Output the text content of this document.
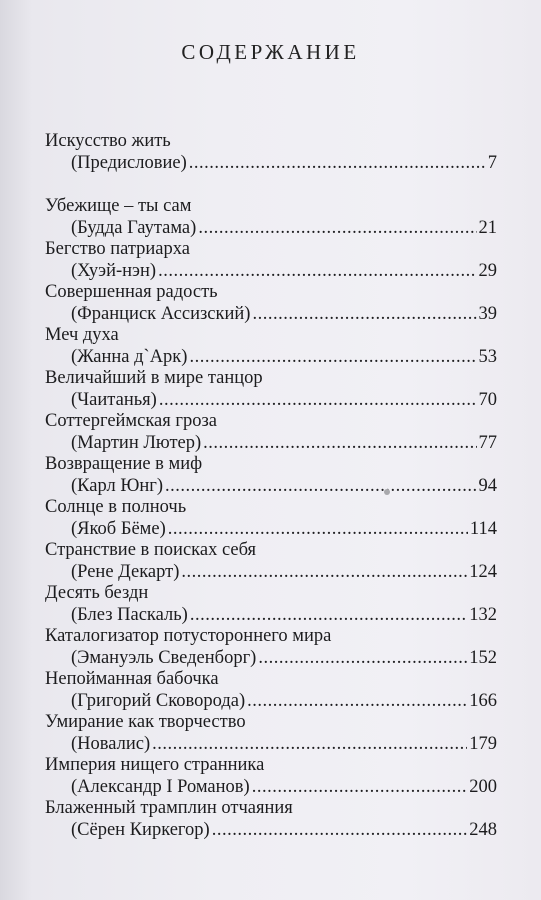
СОДЕРЖАНИЕ
Искусство жить
(Предисловие) .....	7
Убежище – ты сам
(Будда Гаутама) .....	21
Бегство патриарха
(Хуэй-нэн) .....	29
Совершенная радость
(Франциск Ассизский) .....	39
Меч духа
(Жанна д`Арк) .....	53
Величайший в мире танцор
(Чаитанья) .....	70
Соттергеймская гроза
(Мартин Лютер) .....	77
Возвращение в миф
(Карл Юнг) .....	94
Солнце в полночь
(Якоб Бёме) .....	114
Странствие в поисках себя
(Рене Декарт) .....	124
Десять бездн
(Блез Паскаль) .....	132
Каталогизатор потустороннего мира
(Эмануэль Сведенборг) .....	152
Непойманная бабочка
(Григорий Сковорода) .....	166
Умирание как творчество
(Новалис) .....	179
Империя нищего странника
(Александр I Романов) .....	200
Блаженный трамплин отчаяния
(Сёрен Киркегор) .....	248
